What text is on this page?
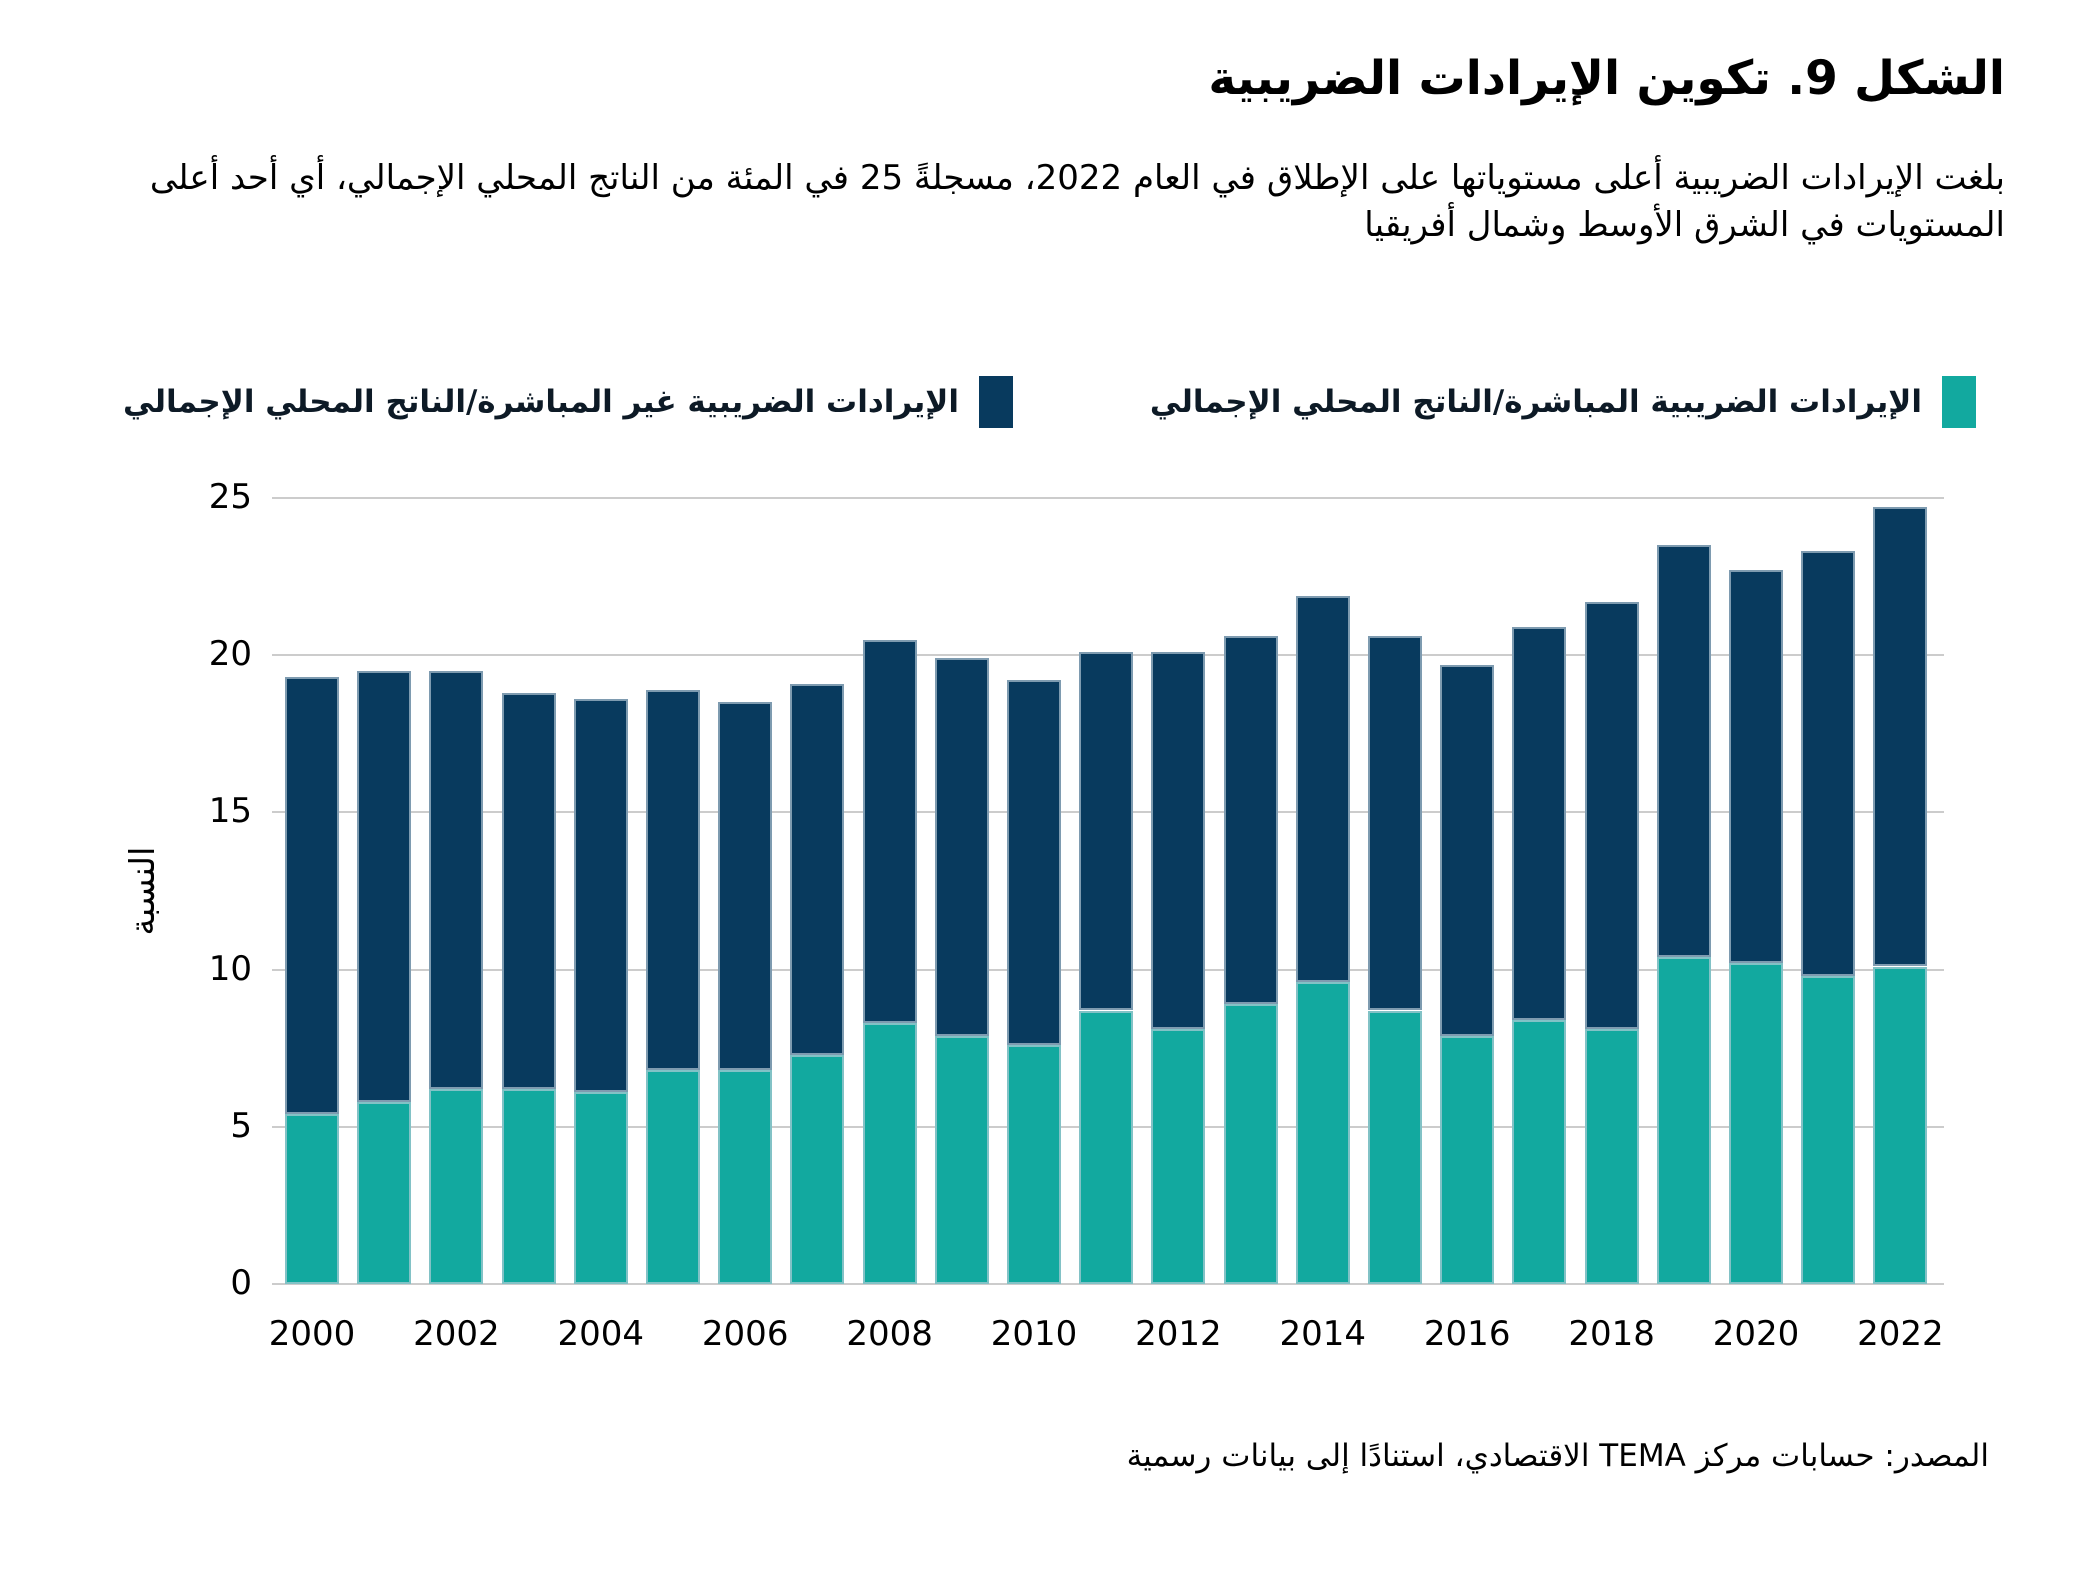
الشكل 9. تكوين الإيرادات الضريبية
بلغت الإيرادات الضريبية أعلى مستوياتها على الإطلاق في العام 2022، مسجلةً 25 في المئة من الناتج المحلي الإجمالي، أي أحد أعلى المستويات في الشرق الأوسط وشمال أفريقيا
الإيرادات الضريبية المباشرة/الناتج المحلي الإجمالي
الإيرادات الضريبية غير المباشرة/الناتج المحلي الإجمالي
النسبة
0
5
10
15
20
25
2000	2002	2004	2006	2008	2010	2012	2014	2016	2018	2020	2022
المصدر: حسابات مركز TEMA الاقتصادي، استنادًا إلى بيانات رسمية
